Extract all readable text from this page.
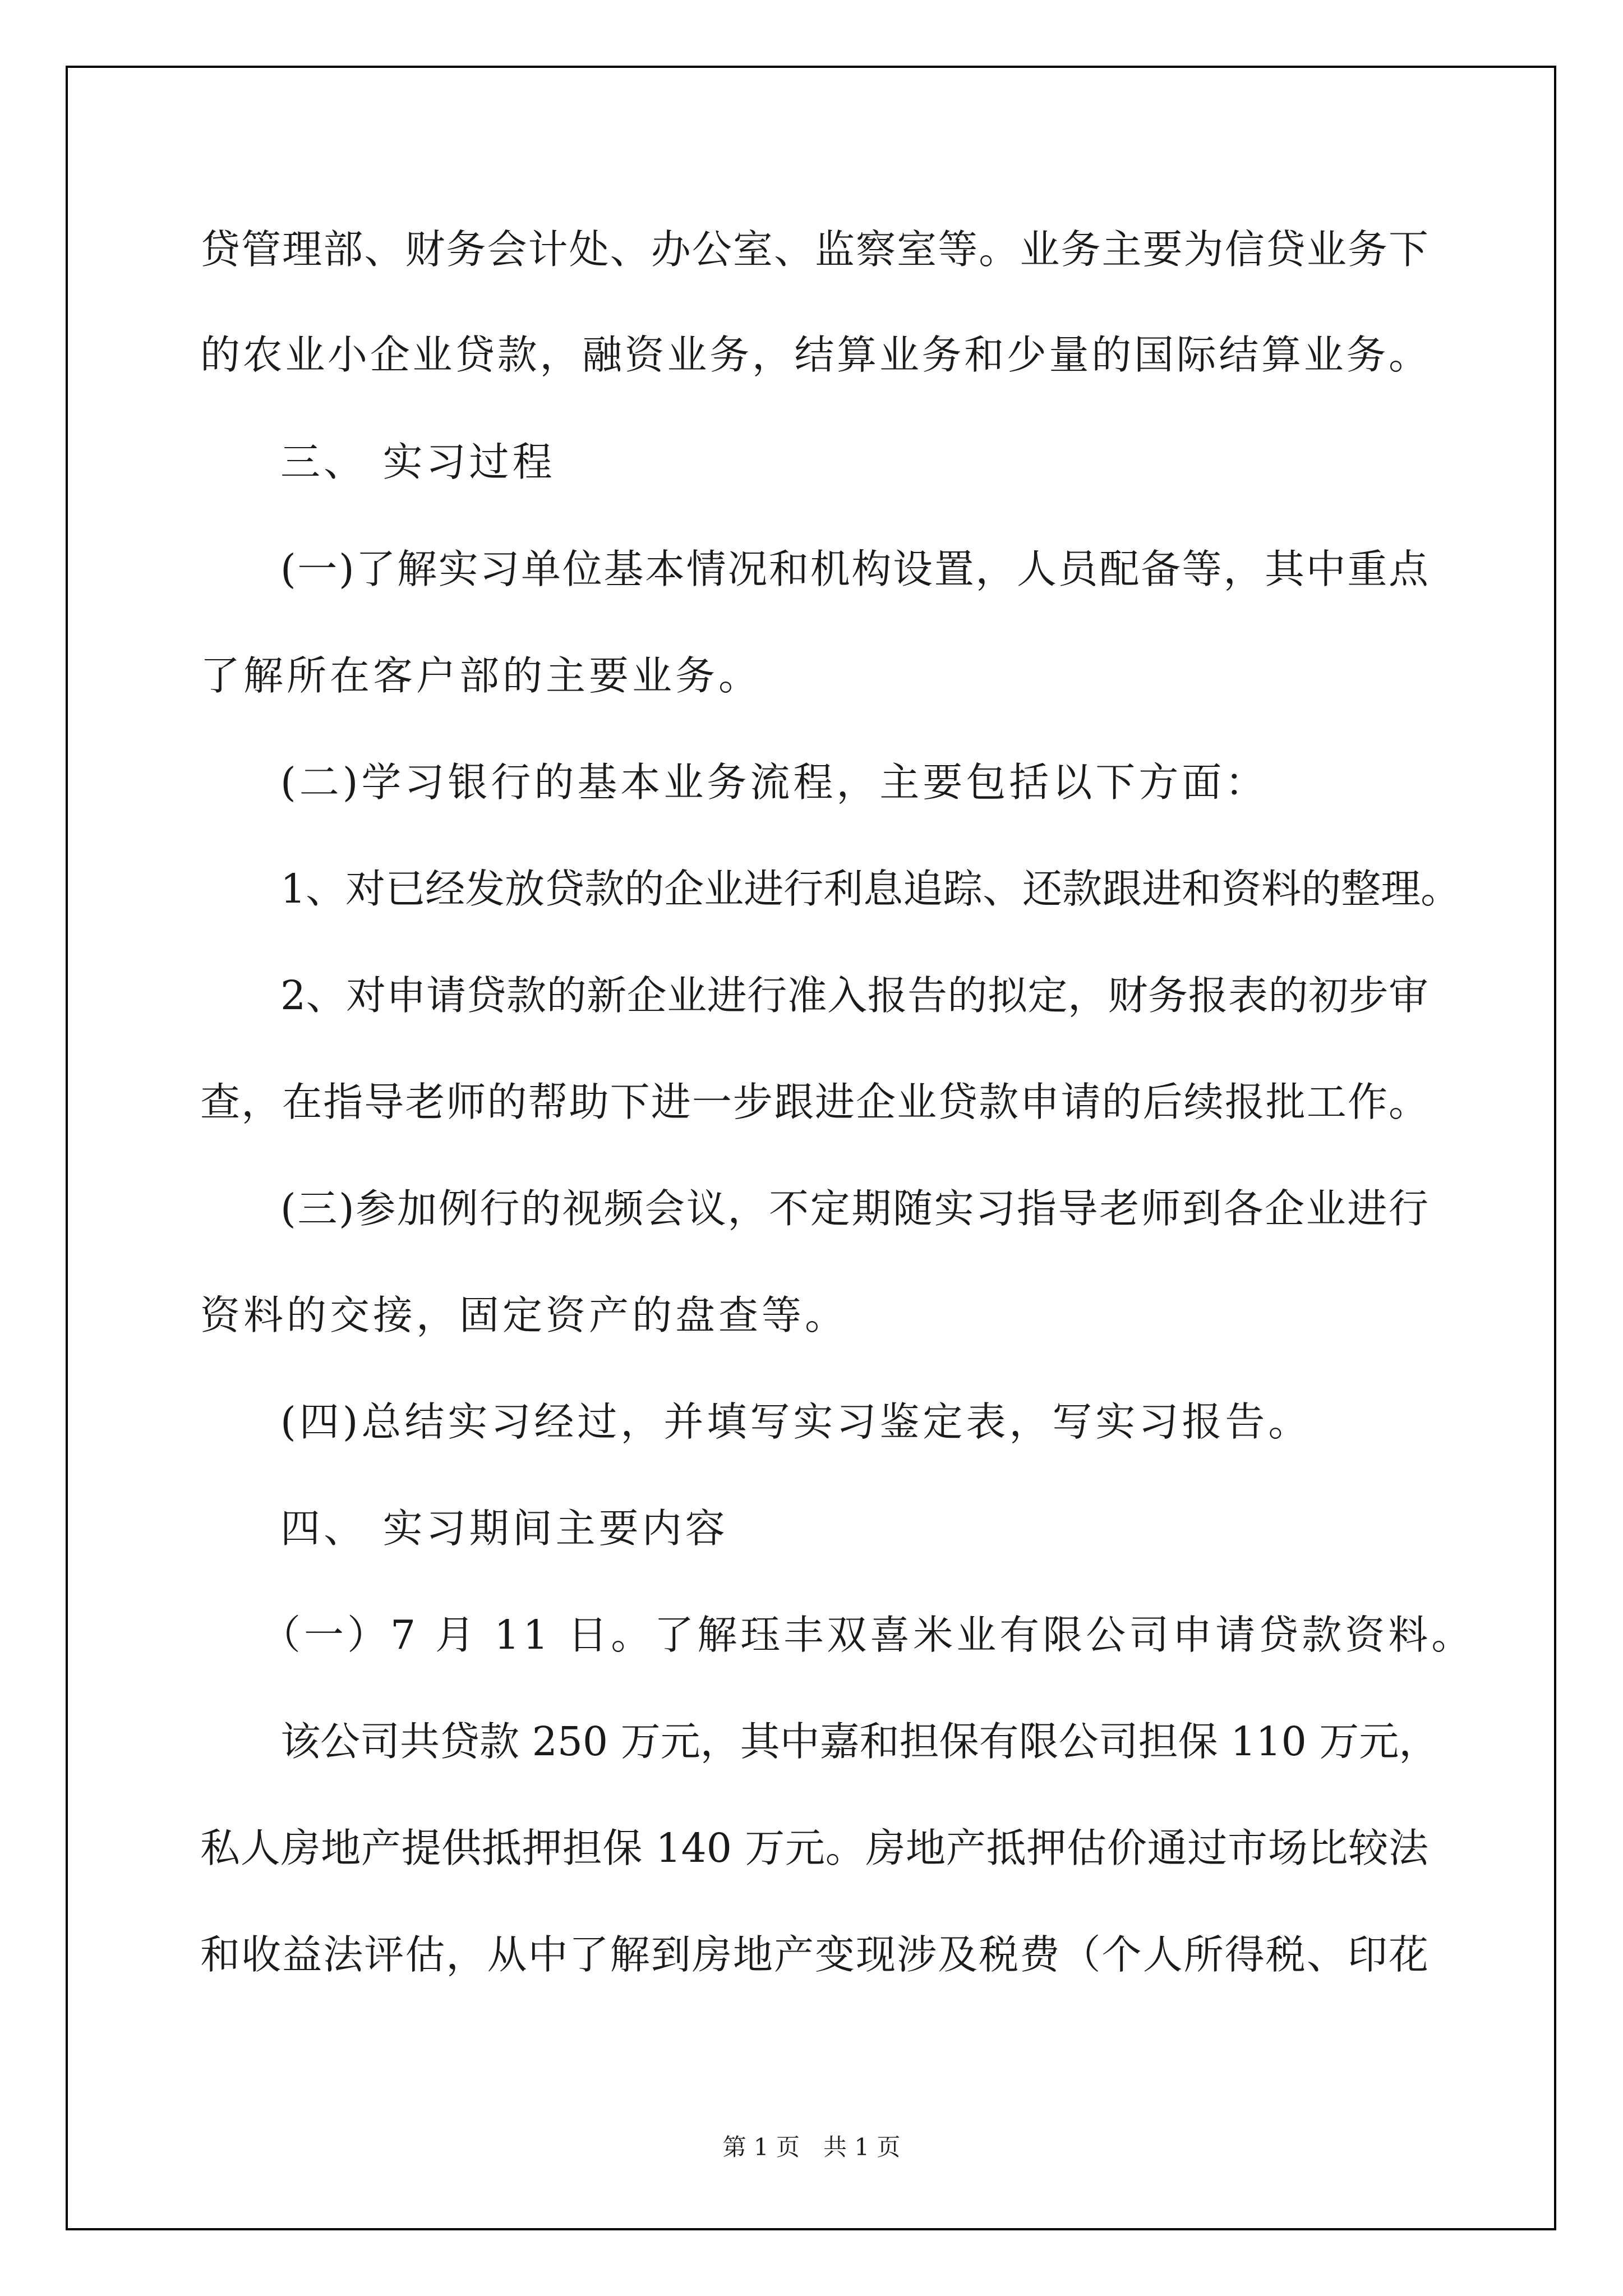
贷管理部、财务会计处、办公室、监察室等。业务主要为信贷业务下
的农业小企业贷款，融资业务，结算业务和少量的国际结算业务。
三、 实习过程
(一)了解实习单位基本情况和机构设置，人员配备等，其中重点
了解所在客户部的主要业务。
(二)学习银行的基本业务流程，主要包括以下方面：
1、对已经发放贷款的企业进行利息追踪、还款跟进和资料的整理。
2、对申请贷款的新企业进行准入报告的拟定，财务报表的初步审
查，在指导老师的帮助下进一步跟进企业贷款申请的后续报批工作。
(三)参加例行的视频会议，不定期随实习指导老师到各企业进行
资料的交接，固定资产的盘查等。
(四)总结实习经过，并填写实习鉴定表，写实习报告。
四、 实习期间主要内容
（一）7 月 11 日。了解珏丰双喜米业有限公司申请贷款资料。
该公司共贷款 250 万元，其中嘉和担保有限公司担保 110 万元，
私人房地产提供抵押担保 140 万元。房地产抵押估价通过市场比较法
和收益法评估，从中了解到房地产变现涉及税费（个人所得税、印花
第 1 页　共 1 页
